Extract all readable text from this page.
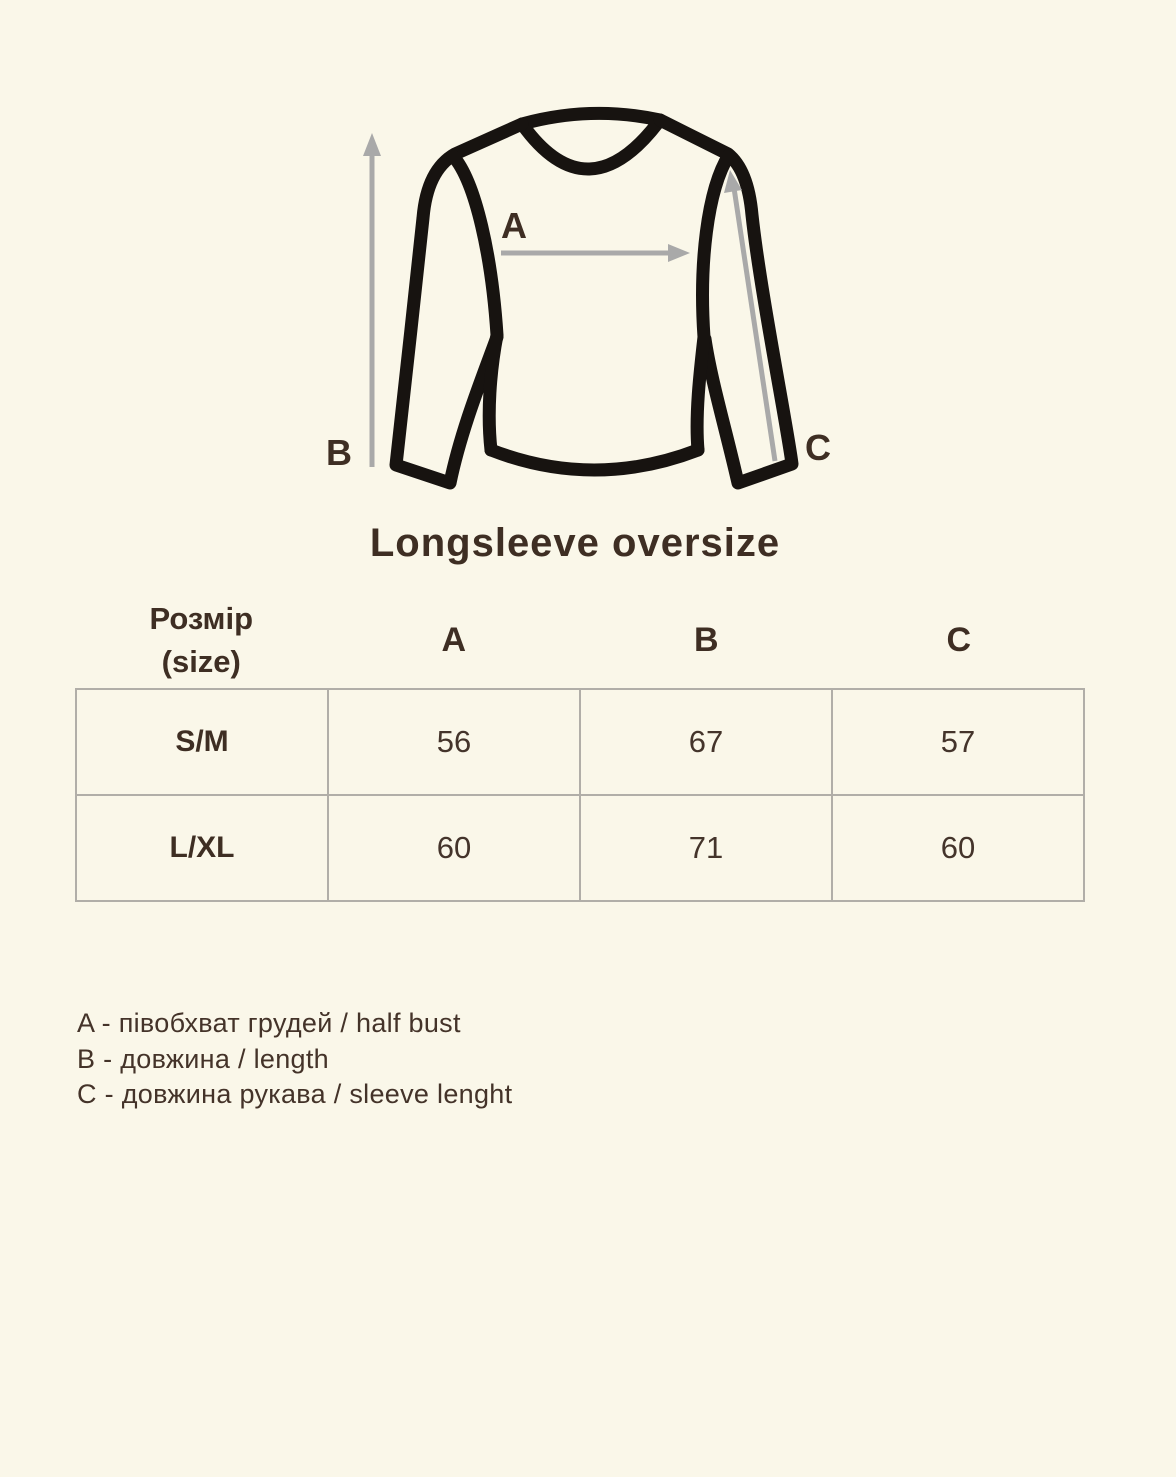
A
B	C
Longsleeve oversize
Розмір
(size)
A	B	C
S/M	56	67	57
L/XL	60	71	60
A - півобхват грудей / half bust
B - довжина / length
C - довжина рукава / sleeve lenght
